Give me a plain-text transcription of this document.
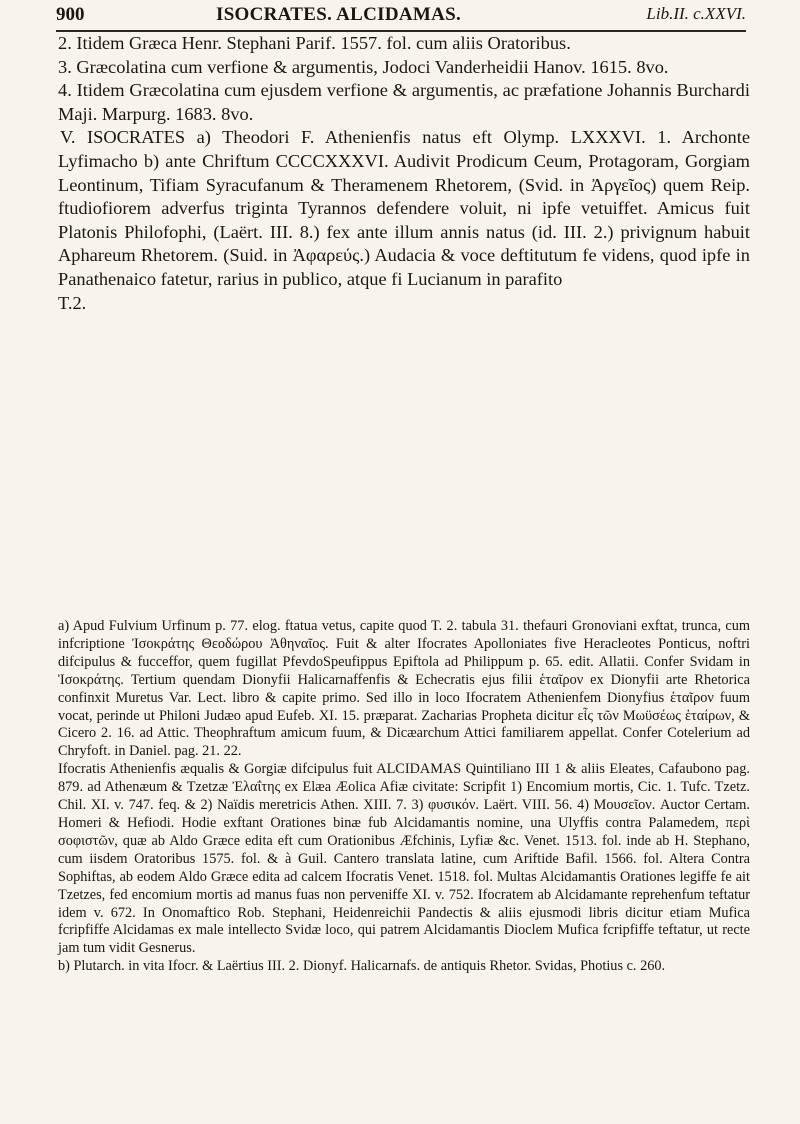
900	ISOCRATES. ALCIDAMAS.	Lib.II. c.XXVI.

2. Itidem Græca Henr. Stephani Parif. 1557. fol. cum aliis Oratoribus.

3. Græcolatina cum verfione & argumentis, Jodoci Vanderheidii Hanov. 1615. 8vo.

4. Itidem Græcolatina cum ejusdem verfione & argumentis, ac præfatione Johannis Burchardi Maji. Marpurg. 1683. 8vo.

V. ISOCRATES a) Theodori F. Athenienfis natus eft Olymp. LXXXVI. 1. Archonte Lyfimacho b) ante Chriftum CCCCXXXVI. Audivit Prodicum Ceum, Protagoram, Gorgiam Leontinum, Tifiam Syracufanum & Theramenem Rhetorem, (Svid. in Ἀργεῖος) quem Reip. ftudiofiorem adverfus triginta Tyrannos defendere voluit, ni ipfe vetuiffet. Amicus fuit Platonis Philofophi, (Laërt. III. 8.) fex ante illum annis natus (id. III. 2.) privignum habuit Aphareum Rhetorem. (Suid. in Ἀφαρεύς.) Audacia & voce deftitutum fe videns, quod ipfe in Panathenaico fatetur, rarius in publico, atque fi Lucianum in parafito

T.2.

a) Apud Fulvium Urfinum p. 77. elog. ftatua vetus, capite quod T. 2. tabula 31. thefauri Gronoviani exftat, trunca, cum infcriptione Ἰσοκράτης Θεοδώρου Ἀθηναῖος. Fuit & alter Ifocrates Apolloniates five Heracleotes Ponticus, noftri difcipulus & fucceffor, quem fugillat PfevdoSpeufippus Epiftola ad Philippum p. 65. edit. Allatii. Confer Svidam in Ἰσοκράτης. Tertium quendam Dionyfii Halicarnaffenfis & Echecratis ejus filii ἑταῖρον ex Dionyfii arte Rhetorica confinxit Muretus Var. Lect. libro & capite primo. Sed illo in loco Ifocratem Athenienfem Dionyfius ἑταῖρον fuum vocat, perinde ut Philoni Judæo apud Eufeb. XI. 15. præparat. Zacharias Propheta dicitur εἷς τῶν Μωϋσέως ἑταίρων, & Cicero 2. 16. ad Attic. Theophraftum amicum fuum, & Dicæarchum Attici familiarem appellat. Confer Cotelerium ad Chryfoft. in Daniel. pag. 21. 22.

Ifocratis Athenienfis æqualis & Gorgiæ difcipulus fuit ALCIDAMAS Quintiliano III 1 & aliis Eleates, Cafaubono pag. 879. ad Athenæum & Tzetzæ Ἐλαΐτης ex Elæa Æolica Afiæ civitate: Scripfit 1) Encomium mortis, Cic. 1. Tufc. Tzetz. Chil. XI. v. 747. feq. & 2) Naïdis meretricis Athen. XIII. 7. 3) φυσικόν. Laërt. VIII. 56. 4) Μουσεῖον. Auctor Certam. Homeri & Hefiodi. Hodie exftant Orationes binæ fub Alcidamantis nomine, una Ulyffis contra Palamedem, περὶ σοφιστῶν, quæ ab Aldo Græce edita eft cum Orationibus Æfchinis, Lyfiæ &c. Venet. 1513. fol. inde ab H. Stephano, cum iisdem Oratoribus 1575. fol. & à Guil. Cantero translata latine, cum Ariftide Bafil. 1566. fol. Altera Contra Sophiftas, ab eodem Aldo Græce edita ad calcem Ifocratis Venet. 1518. fol. Multas Alcidamantis Orationes legiffe fe ait Tzetzes, fed encomium mortis ad manus fuas non perveniffe XI. v. 752. Ifocratem ab Alcidamante reprehenfum teftatur idem v. 672. In Onomaftico Rob. Stephani, Heidenreichii Pandectis & aliis ejusmodi libris dicitur etiam Mufica fcripfiffe Alcidamas ex male intellecto Svidæ loco, qui patrem Alcidamantis Dioclem Mufica fcripfiffe teftatur, ut recte jam tum vidit Gesnerus.

b) Plutarch. in vita Ifocr. & Laërtius III. 2. Dionyf. Halicarnafs. de antiquis Rhetor. Svidas, Photius c. 260.
